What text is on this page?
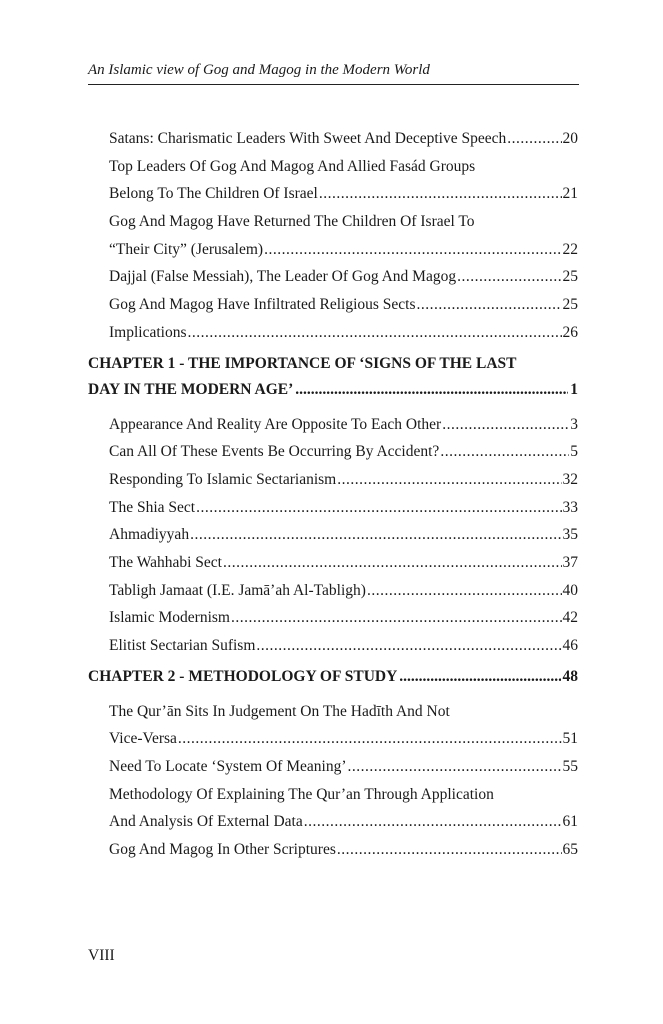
An Islamic view of Gog and Magog in the Modern World
Satans: Charismatic Leaders With Sweet And Deceptive Speech .....	20
Top Leaders Of Gog And Magog And Allied Fasád Groups
Belong To The Children Of Israel .....	21
Gog And Magog Have Returned The Children Of Israel To
“Their City” (Jerusalem) .....	22
Dajjal (False Messiah), The Leader Of Gog And Magog .....	25
Gog And Magog Have Infiltrated Religious Sects .....	25
Implications .....	26
CHAPTER 1 - THE IMPORTANCE OF ‘SIGNS OF THE LAST
DAY IN THE MODERN AGE’ .....	1
Appearance And Reality Are Opposite To Each Other .....	3
Can All Of These Events Be Occurring By Accident? .....	5
Responding To Islamic Sectarianism .....	32
The Shia Sect .....	33
Ahmadiyyah .....	35
The Wahhabi Sect .....	37
Tabligh Jamaat (I.E. Jamā’ah Al-Tabligh) .....	40
Islamic Modernism .....	42
Elitist Sectarian Sufism .....	46
CHAPTER 2 - METHODOLOGY OF STUDY .....	48
The Qur’ān Sits In Judgement On The Hadīth And Not
Vice-Versa .....	51
Need To Locate ‘System Of Meaning’ .....	55
Methodology Of Explaining The Qur’an Through Application
And Analysis Of External Data .....	61
Gog And Magog In Other Scriptures .....	65
VIII
